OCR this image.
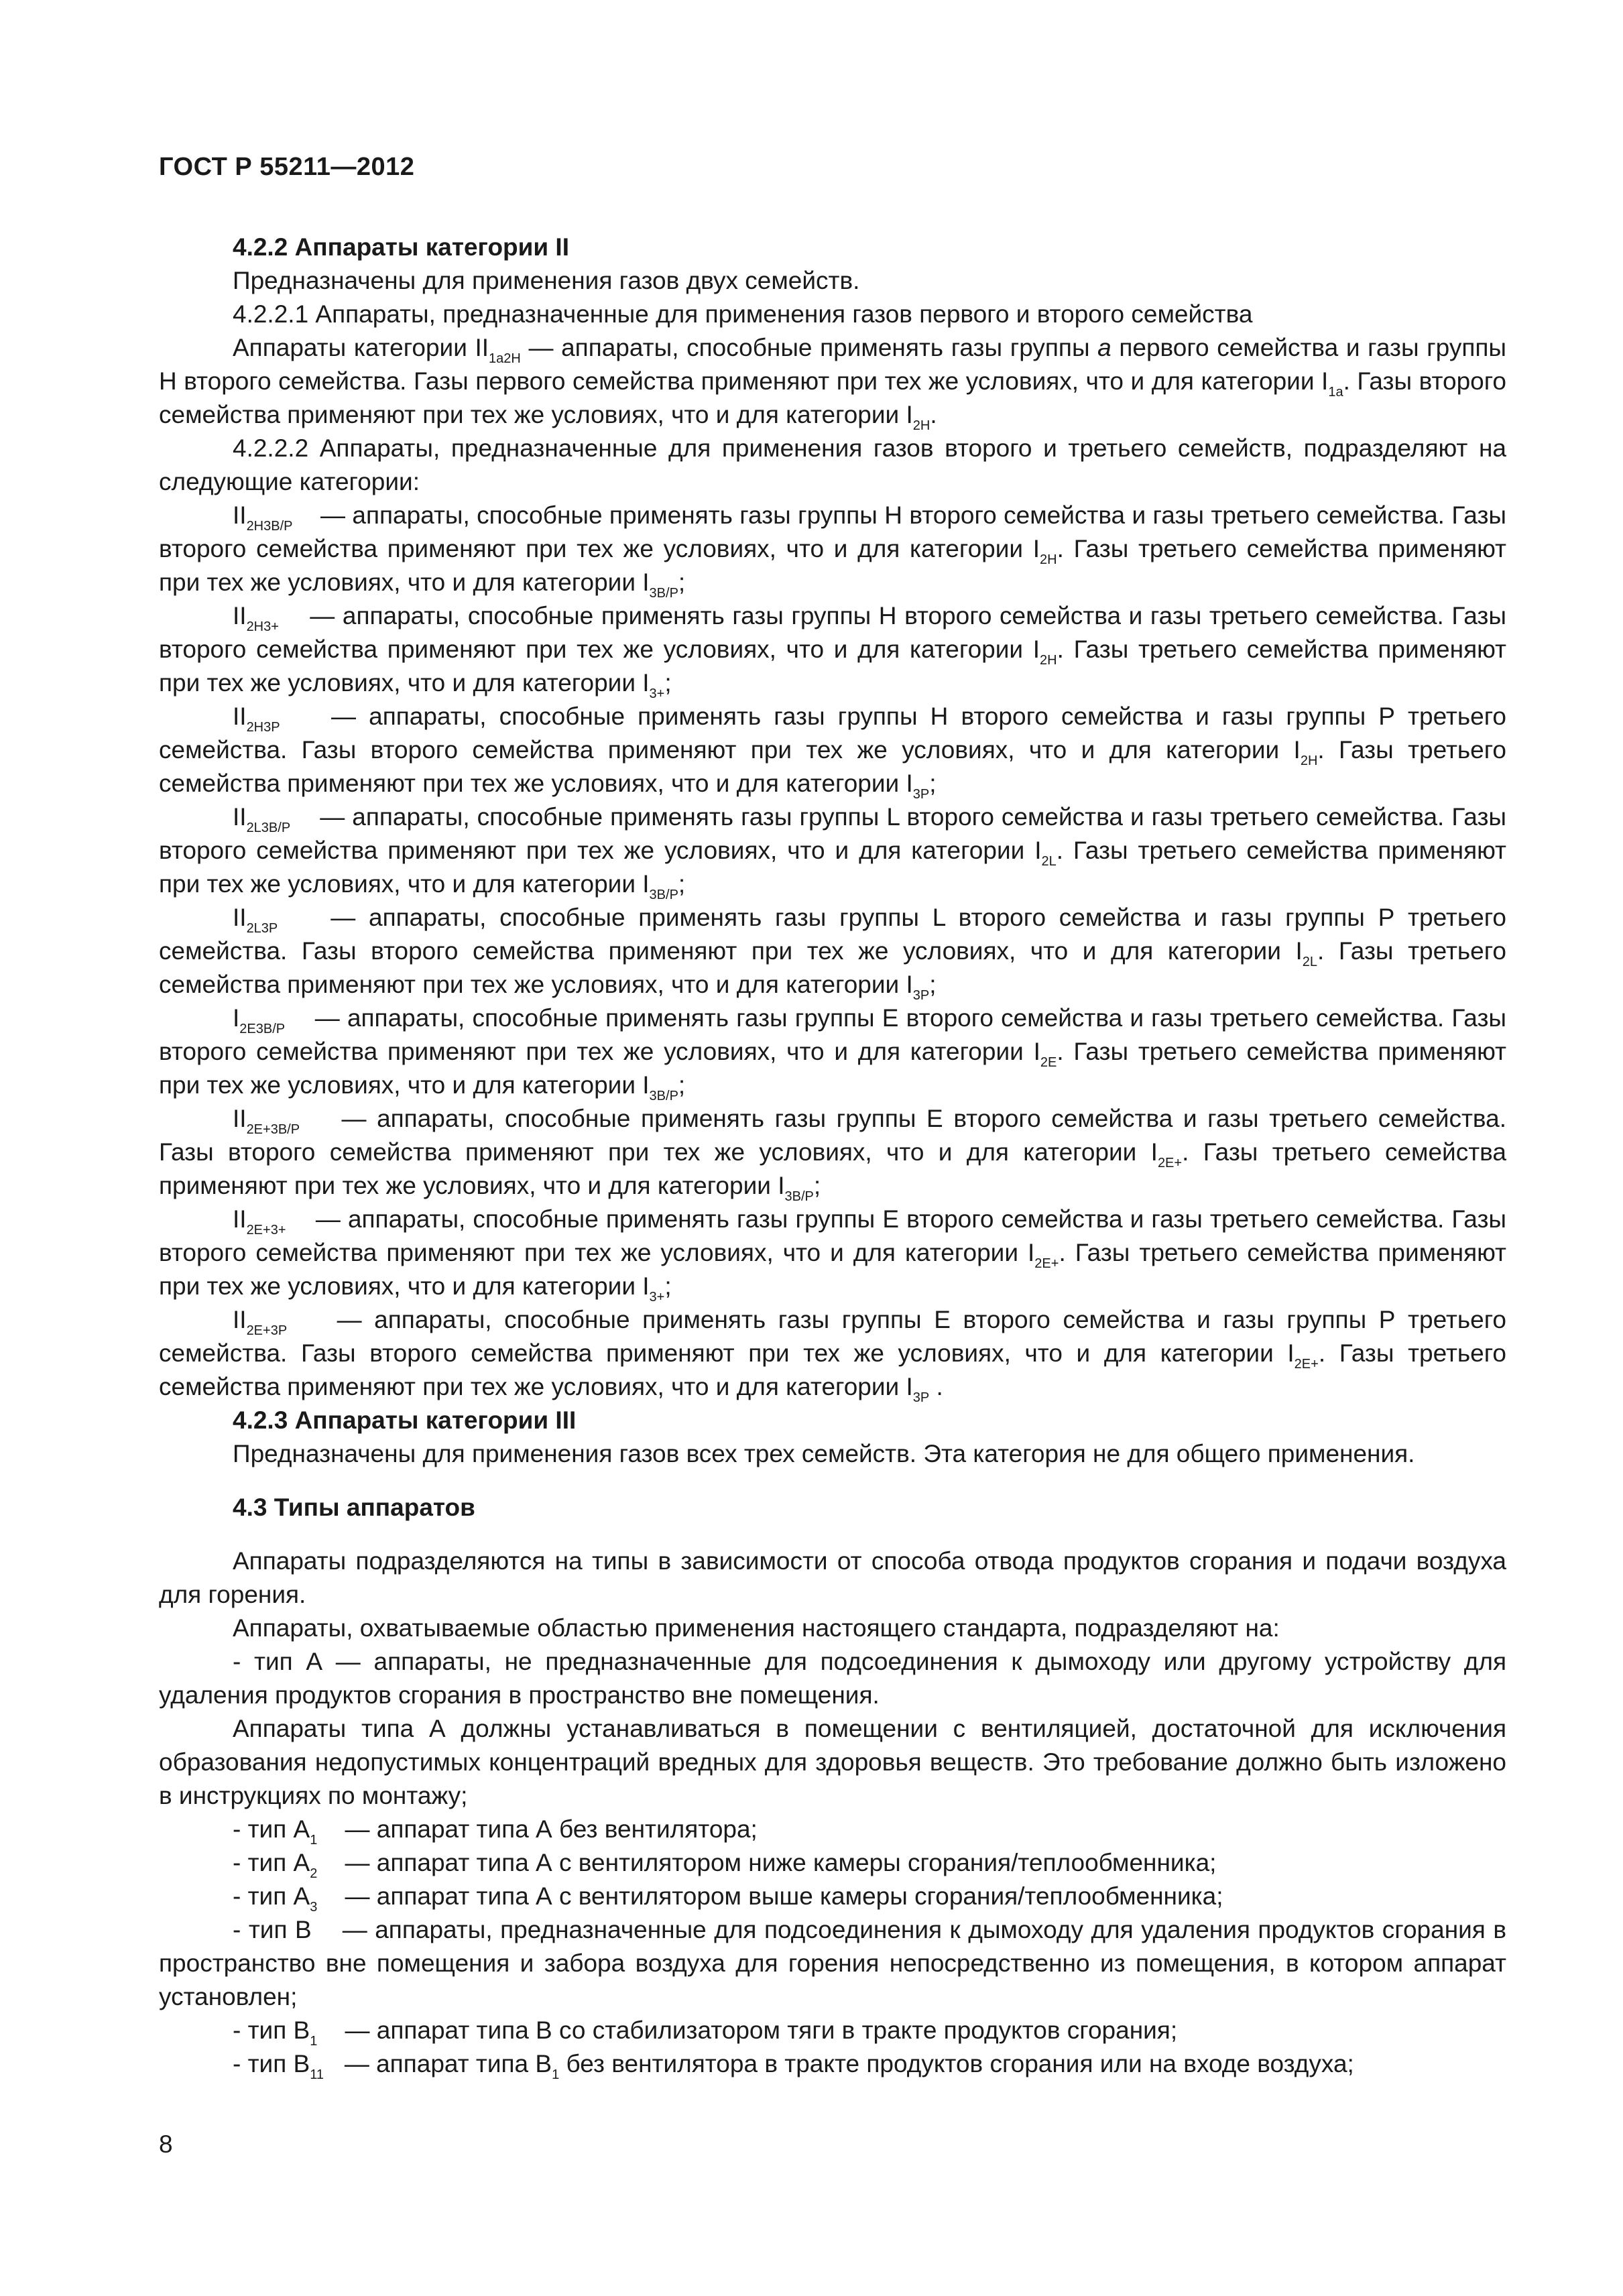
ГОСТ Р 55211—2012

4.2.2 Аппараты категории II

Предназначены для применения газов двух семейств.

4.2.2.1 Аппараты, предназначенные для применения газов первого и второго семейства

Аппараты категории $II_{1a2H}$ — аппараты, способные применять газы группы а первого семейства и газы группы Н второго семейства. Газы первого семейства применяют при тех же условиях, что и для категории $I_{1a}$. Газы второго семейства применяют при тех же условиях, что и для категории $I_{2H}$.

4.2.2.2 Аппараты, предназначенные для применения газов второго и третьего семейств, подразделяют на следующие категории:

$II_{2H3B/P}$ — аппараты, способные применять газы группы Н второго семейства и газы третьего семейства. Газы второго семейства применяют при тех же условиях, что и для категории $I_{2H}$. Газы третьего семейства применяют при тех же условиях, что и для категории $I_{3B/P}$;

$II_{2H3+}$ — аппараты, способные применять газы группы Н второго семейства и газы третьего семейства. Газы второго семейства применяют при тех же условиях, что и для категории $I_{2H}$. Газы третьего семейства применяют при тех же условиях, что и для категории $I_{3+}$;

$II_{2H3P}$ — аппараты, способные применять газы группы Н второго семейства и газы группы Р третьего семейства. Газы второго семейства применяют при тех же условиях, что и для категории $I_{2H}$. Газы третьего семейства применяют при тех же условиях, что и для категории $I_{3P}$;

$II_{2L3B/P}$ — аппараты, способные применять газы группы L второго семейства и газы третьего семейства. Газы второго семейства применяют при тех же условиях, что и для категории $I_{2L}$. Газы третьего семейства применяют при тех же условиях, что и для категории $I_{3B/P}$;

$II_{2L3P}$ — аппараты, способные применять газы группы L второго семейства и газы группы Р третьего семейства. Газы второго семейства применяют при тех же условиях, что и для категории $I_{2L}$. Газы третьего семейства применяют при тех же условиях, что и для категории $I_{3P}$;

$I_{2E3B/P}$ — аппараты, способные применять газы группы Е второго семейства и газы третьего семейства. Газы второго семейства применяют при тех же условиях, что и для категории $I_{2E}$. Газы третьего семейства применяют при тех же условиях, что и для категории $I_{3B/P}$;

$II_{2E+3B/P}$ — аппараты, способные применять газы группы Е второго семейства и газы третьего семейства. Газы второго семейства применяют при тех же условиях, что и для категории $I_{2E+}$. Газы третьего семейства применяют при тех же условиях, что и для категории $I_{3B/P}$;

$II_{2E+3+}$ — аппараты, способные применять газы группы Е второго семейства и газы третьего семейства. Газы второго семейства применяют при тех же условиях, что и для категории $I_{2E+}$. Газы третьего семейства применяют при тех же условиях, что и для категории $I_{3+}$;

$II_{2E+3P}$ — аппараты, способные применять газы группы Е второго семейства и газы группы Р третьего семейства. Газы второго семейства применяют при тех же условиях, что и для категории $I_{2E+}$. Газы третьего семейства применяют при тех же условиях, что и для категории $I_{3P}$ .

4.2.3 Аппараты категории III

Предназначены для применения газов всех трех семейств. Эта категория не для общего применения.

4.3 Типы аппаратов

Аппараты подразделяются на типы в зависимости от способа отвода продуктов сгорания и подачи воздуха для горения.

Аппараты, охватываемые областью применения настоящего стандарта, подразделяют на:

- тип А — аппараты, не предназначенные для подсоединения к дымоходу или другому устройству для удаления продуктов сгорания в пространство вне помещения.

Аппараты типа А должны устанавливаться в помещении с вентиляцией, достаточной для исключения образования недопустимых концентраций вредных для здоровья веществ. Это требование должно быть изложено в инструкциях по монтажу;

- тип $А_1$ — аппарат типа А без вентилятора;

- тип $А_2$ — аппарат типа А с вентилятором ниже камеры сгорания/теплообменника;

- тип $А_3$ — аппарат типа А с вентилятором выше камеры сгорания/теплообменника;

- тип В — аппараты, предназначенные для подсоединения к дымоходу для удаления продуктов сгорания в пространство вне помещения и забора воздуха для горения непосредственно из помещения, в котором аппарат установлен;

- тип $В_1$ — аппарат типа В со стабилизатором тяги в тракте продуктов сгорания;

- тип $В_{11}$ — аппарат типа $В_1$ без вентилятора в тракте продуктов сгорания или на входе воздуха;

8
